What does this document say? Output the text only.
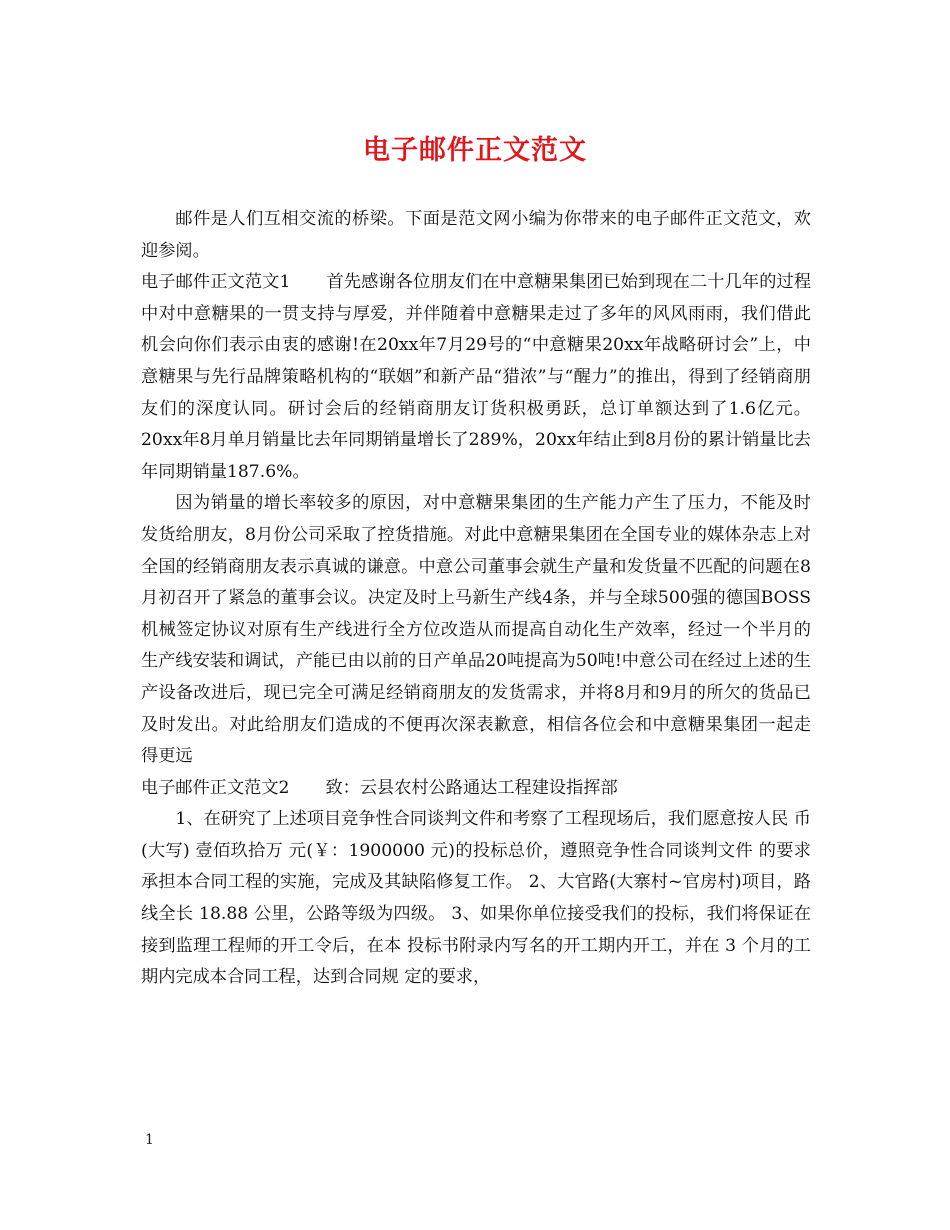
电子邮件正文范文

邮件是人们互相交流的桥梁。下面是范文网小编为你带来的电子邮件正文范文，欢迎参阅。

电子邮件正文范文1 首先感谢各位朋友们在中意糖果集团已始到现在二十几年的过程中对中意糖果的一贯支持与厚爱，并伴随着中意糖果走过了多年的风风雨雨，我们借此机会向你们表示由衷的感谢!在20xx年7月29号的“中意糖果20xx年战略研讨会”上，中意糖果与先行品牌策略机构的“联姻”和新产品“猎浓”与“醒力”的推出，得到了经销商朋友们的深度认同。研讨会后的经销商朋友订货积极勇跃，总订单额达到了1.6亿元。20xx年8月单月销量比去年同期销量增长了289%，20xx年结止到8月份的累计销量比去年同期销量187.6%。

因为销量的增长率较多的原因，对中意糖果集团的生产能力产生了压力，不能及时发货给朋友，8月份公司采取了控货措施。对此中意糖果集团在全国专业的媒体杂志上对全国的经销商朋友表示真诚的谦意。中意公司董事会就生产量和发货量不匹配的问题在8月初召开了紧急的董事会议。决定及时上马新生产线4条，并与全球500强的德国BOSS机械签定协议对原有生产线进行全方位改造从而提高自动化生产效率，经过一个半月的生产线安装和调试，产能已由以前的日产单品20吨提高为50吨!中意公司在经过上述的生产设备改进后，现已完全可满足经销商朋友的发货需求，并将8月和9月的所欠的货品已及时发出。对此给朋友们造成的不便再次深表歉意，相信各位会和中意糖果集团一起走得更远

电子邮件正文范文2 致：云县农村公路通达工程建设指挥部

1、在研究了上述项目竞争性合同谈判文件和考察了工程现场后，我们愿意按人民 币(大写) 壹佰玖拾万 元(￥：1900000 元)的投标总价，遵照竞争性合同谈判文件 的要求承担本合同工程的实施，完成及其缺陷修复工作。 2、大官路(大寨村~官房村)项目，路线全长 18.88 公里，公路等级为四级。 3、如果你单位接受我们的投标，我们将保证在接到监理工程师的开工令后，在本 投标书附录内写名的开工期内开工，并在 3 个月的工期内完成本合同工程，达到合同规 定的要求，

1
